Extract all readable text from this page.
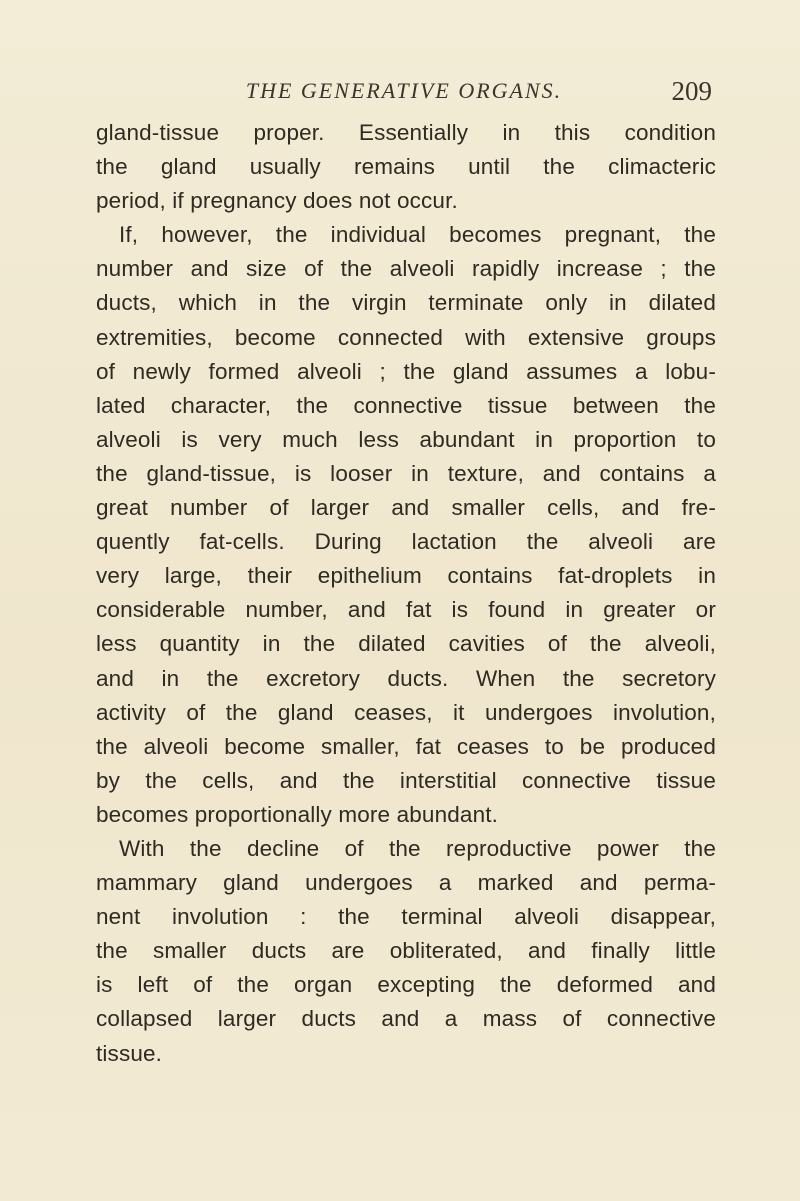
THE GENERATIVE ORGANS.	209
gland-tissue proper. Essentially in this condition
the gland usually remains until the climacteric
period, if pregnancy does not occur.
If, however, the individual becomes pregnant, the
number and size of the alveoli rapidly increase ; the
ducts, which in the virgin terminate only in dilated
extremities, become connected with extensive groups
of newly formed alveoli ; the gland assumes a lobu-
lated character, the connective tissue between the
alveoli is very much less abundant in proportion to
the gland-tissue, is looser in texture, and contains a
great number of larger and smaller cells, and fre-
quently fat-cells. During lactation the alveoli are
very large, their epithelium contains fat-droplets in
considerable number, and fat is found in greater or
less quantity in the dilated cavities of the alveoli,
and in the excretory ducts. When the secretory
activity of the gland ceases, it undergoes involution,
the alveoli become smaller, fat ceases to be produced
by the cells, and the interstitial connective tissue
becomes proportionally more abundant.
With the decline of the reproductive power the
mammary gland undergoes a marked and perma-
nent involution : the terminal alveoli disappear,
the smaller ducts are obliterated, and finally little
is left of the organ excepting the deformed and
collapsed larger ducts and a mass of connective
tissue.
